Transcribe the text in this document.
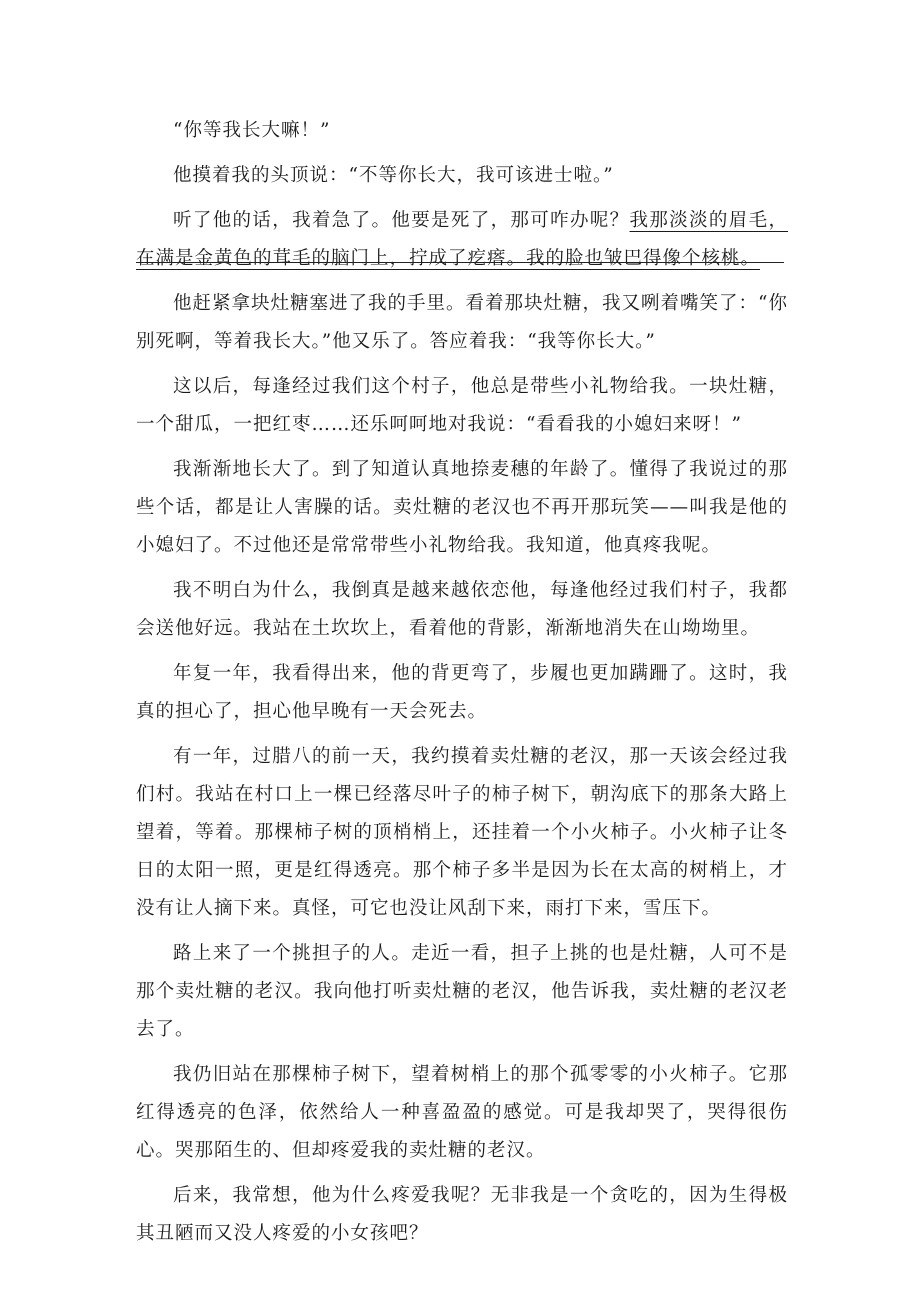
“你等我长大嘛！”

他摸着我的头顶说：“不等你长大，我可该进士啦。”

听了他的话，我着急了。他要是死了，那可咋办呢？我那淡淡的眉毛，在满是金黄色的茸毛的脑门上，拧成了疙瘩。我的脸也皱巴得像个核桃。

他赶紧拿块灶糖塞进了我的手里。看着那块灶糖，我又咧着嘴笑了：“你别死啊，等着我长大。”他又乐了。答应着我：“我等你长大。”

这以后，每逢经过我们这个村子，他总是带些小礼物给我。一块灶糖，一个甜瓜，一把红枣……还乐呵呵地对我说：“看看我的小媳妇来呀！”

我渐渐地长大了。到了知道认真地捺麦穗的年龄了。懂得了我说过的那些个话，都是让人害臊的话。卖灶糖的老汉也不再开那玩笑——叫我是他的小媳妇了。不过他还是常常带些小礼物给我。我知道，他真疼我呢。

我不明白为什么，我倒真是越来越依恋他，每逢他经过我们村子，我都会送他好远。我站在土坎坎上，看着他的背影，渐渐地消失在山坳坳里。

年复一年，我看得出来，他的背更弯了，步履也更加蹒跚了。这时，我真的担心了，担心他早晚有一天会死去。

有一年，过腊八的前一天，我约摸着卖灶糖的老汉，那一天该会经过我们村。我站在村口上一棵已经落尽叶子的柿子树下，朝沟底下的那条大路上望着，等着。那棵柿子树的顶梢梢上，还挂着一个小火柿子。小火柿子让冬日的太阳一照，更是红得透亮。那个柿子多半是因为长在太高的树梢上，才没有让人摘下来。真怪，可它也没让风刮下来，雨打下来，雪压下。

路上来了一个挑担子的人。走近一看，担子上挑的也是灶糖，人可不是那个卖灶糖的老汉。我向他打听卖灶糖的老汉，他告诉我，卖灶糖的老汉老去了。

我仍旧站在那棵柿子树下，望着树梢上的那个孤零零的小火柿子。它那红得透亮的色泽，依然给人一种喜盈盈的感觉。可是我却哭了，哭得很伤心。哭那陌生的、但却疼爱我的卖灶糖的老汉。

后来，我常想，他为什么疼爱我呢？无非我是一个贪吃的，因为生得极其丑陋而又没人疼爱的小女孩吧？
